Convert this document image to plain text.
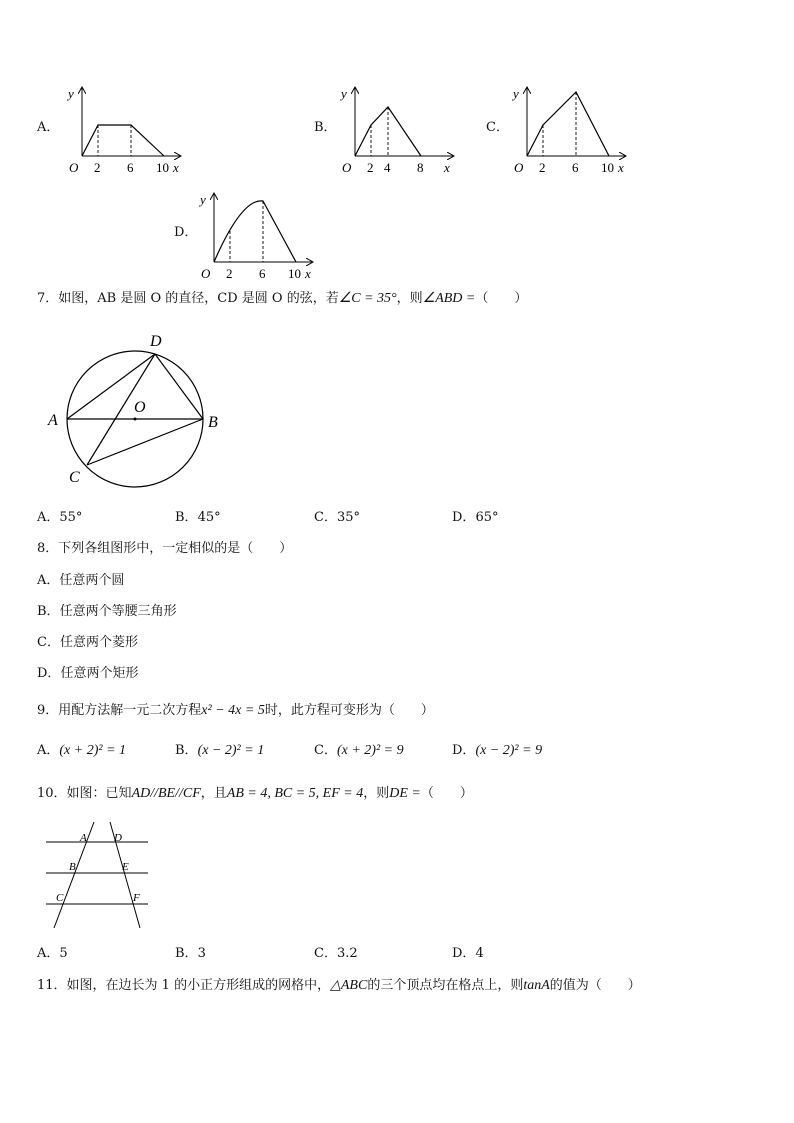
A．
O 2 6 10 x
y
B．
O 2 4 8 x
y
C．
O 2 6 10 x
y
D．
O 2 6 10 x
y
7．如图，AB 是圆 O 的直径，CD 是圆 O 的弦，若∠C = 35°，则∠ABD =（　　）
D
A	B
O
C
A．55°	B．45°	C．35°	D．65°
8．下列各组图形中，一定相似的是（　　）
A．任意两个圆
B．任意两个等腰三角形
C．任意两个菱形
D．任意两个矩形
9．用配方法解一元二次方程x² − 4x = 5时，此方程可变形为（　　）
A．(x + 2)² = 1	B．(x − 2)² = 1	C．(x + 2)² = 9	D．(x − 2)² = 9
10．如图：已知AD//BE//CF，且AB = 4, BC = 5, EF = 4，则DE =（　　）
A D
B	E
C	F
A．5	B．3	C．3.2	D．4
11．如图，在边长为 1 的小正方形组成的网格中，△ABC的三个顶点均在格点上，则tanA的值为（　　）
